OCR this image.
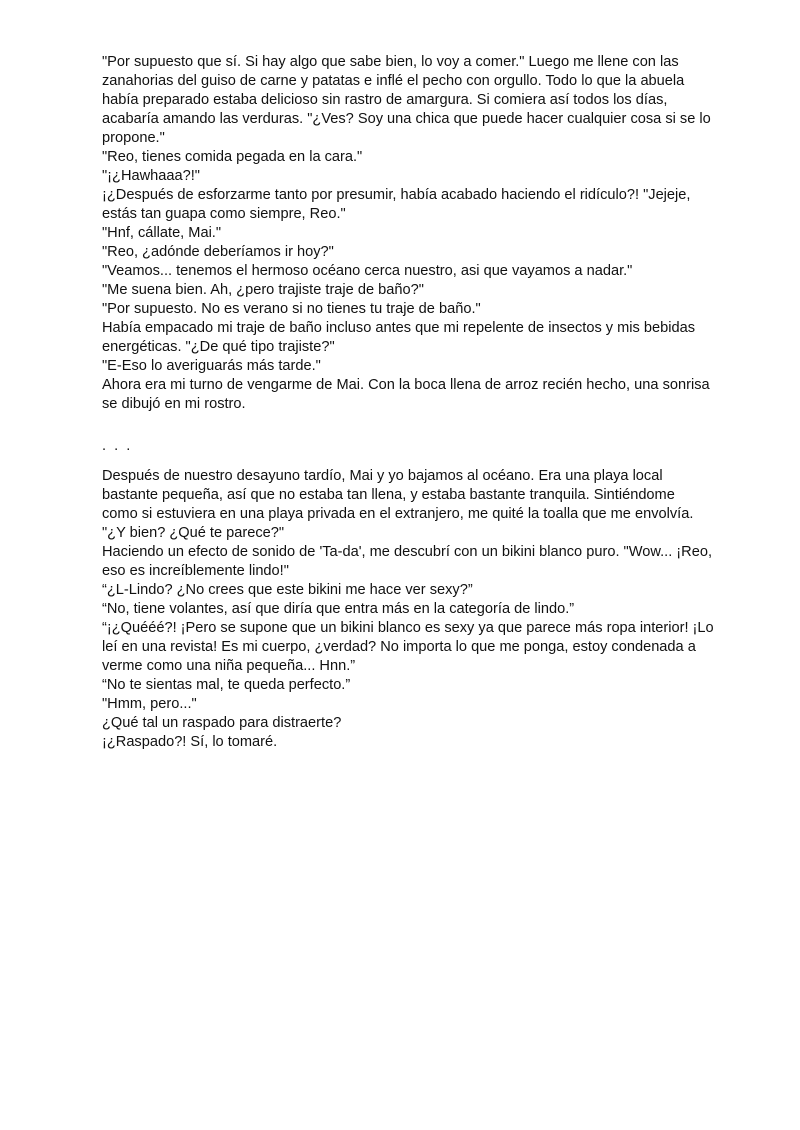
"Por supuesto que sí. Si hay algo que sabe bien, lo voy a comer." Luego me llene con las zanahorias del guiso de carne y patatas e inflé el pecho con orgullo. Todo lo que la abuela había preparado estaba delicioso sin rastro de amargura. Si comiera así todos los días, acabaría amando las verduras. "¿Ves? Soy una chica que puede hacer cualquier cosa si se lo propone."

"Reo, tienes comida pegada en la cara."

"¡¿Hawhaaa?!"

¡¿Después de esforzarme tanto por presumir, había acabado haciendo el ridículo?! "Jejeje, estás tan guapa como siempre, Reo."

"Hnf, cállate, Mai."

"Reo, ¿adónde deberíamos ir hoy?"

"Veamos... tenemos el hermoso océano cerca nuestro, asi que vayamos a nadar."

"Me suena bien. Ah, ¿pero trajiste traje de baño?"

"Por supuesto. No es verano si no tienes tu traje de baño."

Había empacado mi traje de baño incluso antes que mi repelente de insectos y mis bebidas energéticas. "¿De qué tipo trajiste?"

"E-Eso lo averiguarás más tarde."

Ahora era mi turno de vengarme de Mai. Con la boca llena de arroz recién hecho, una sonrisa se dibujó en mi rostro.

. . .

Después de nuestro desayuno tardío, Mai y yo bajamos al océano. Era una playa local bastante pequeña, así que no estaba tan llena, y estaba bastante tranquila. Sintiéndome como si estuviera en una playa privada en el extranjero, me quité la toalla que me envolvía. "¿Y bien? ¿Qué te parece?"

Haciendo un efecto de sonido de 'Ta-da', me descubrí con un bikini blanco puro. "Wow... ¡Reo, eso es increíblemente lindo!"

“¿L-Lindo? ¿No crees que este bikini me hace ver sexy?”

“No, tiene volantes, así que diría que entra más en la categoría de lindo.”

“¡¿Quééé?! ¡Pero se supone que un bikini blanco es sexy ya que parece más ropa interior! ¡Lo leí en una revista! Es mi cuerpo, ¿verdad? No importa lo que me ponga, estoy condenada a verme como una niña pequeña... Hnn.”

“No te sientas mal, te queda perfecto.”

"Hmm, pero..."

¿Qué tal un raspado para distraerte?

¡¿Raspado?! Sí, lo tomaré.
